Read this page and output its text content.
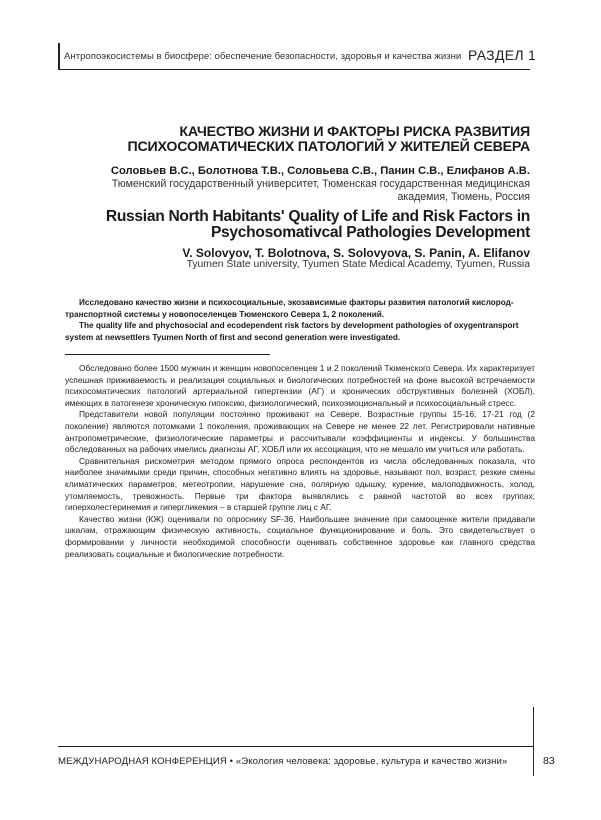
Антропоэкосистемы в биосфере: обеспечение безопасности, здоровья и качества жизни РАЗДЕЛ 1
КАЧЕСТВО ЖИЗНИ И ФАКТОРЫ РИСКА РАЗВИТИЯ ПСИХОСОМАТИЧЕСКИХ ПАТОЛОГИЙ У ЖИТЕЛЕЙ СЕВЕРА
Соловьев В.С., Болотнова Т.В., Соловьева С.В., Панин С.В., Елифанов А.В.
Тюменский государственный университет, Тюменская государственная медицинская академия, Тюмень, Россия
Russian North Habitants' Quality of Life and Risk Factors in Psychosomativcal Pathologies Development
V. Solovyov, T. Bolotnova, S. Solovyova, S. Panin, A. Elifanov
Tyumen State university, Tyumen State Medical Academy, Tyumen, Russia

Исследовано качество жизни и психосоциальные, экозависимые факторы развития патологий кислород-транспортной системы у новопоселенцев Тюменского Севера 1, 2 поколений.

The quality life and phychosocial and ecodependent risk factors by development pathologies of oxygentransport system at newsettlers Tyumen North of first and second generation were investigated.

Обследовано более 1500 мужчин и женщин новопоселенцев 1 и 2 поколений Тюменского Севера. Их характеризует успешная приживаемость и реализация социальных и биологических потребностей на фоне высокой встречаемости психосоматических патологий артериальной гипертензии (АГ) и хронических обструктивных болезней (ХОБЛ), имеющих в патогенезе хроническую гипоксию, физиологический, психоэмоциональный и психосоциальный стресс.

Представители новой популяции постоянно проживают на Севере. Возрастные группы 15-16, 17-21 год (2 поколение) являются потомками 1 поколения, проживающих на Севере не менее 22 лет. Регистрировали нативные антропометрические, физиологические параметры и рассчитывали коэффициенты и индексы. У большинства обследованных на рабочих имелись диагнозы АГ, ХОБЛ или их ассоциация, что не мешало им учиться или работать.

Сравнительная рискометрия методом прямого опроса респондентов из числа обследованных показала, что наиболее значимыми среди причин, способных негативно влиять на здоровье, называют пол, возраст, резкие смены климатических параметров, метеотропии, нарушение сна, полярную одышку, курение, малоподвижность, холод, утомляемость, тревожность. Первые три фактора выявлялись с равной частотой во всех группах; гиперхолестеринемия и гипергликемия – в старшей группе лиц с АГ.

Качество жизни (КЖ) оценивали по опроснику SF-36. Наибольшее значение при самооценке жители придавали шкалам, отражающим физическую активность, социальное функционирование и боль. Это свидетельствует о формировании у личности необходимой способности оценивать собственное здоровье как главного средства реализовать социальные и биологические потребности.

МЕЖДУНАРОДНАЯ КОНФЕРЕНЦИЯ • «Экология человека: здоровье, культура и качество жизни»	83
